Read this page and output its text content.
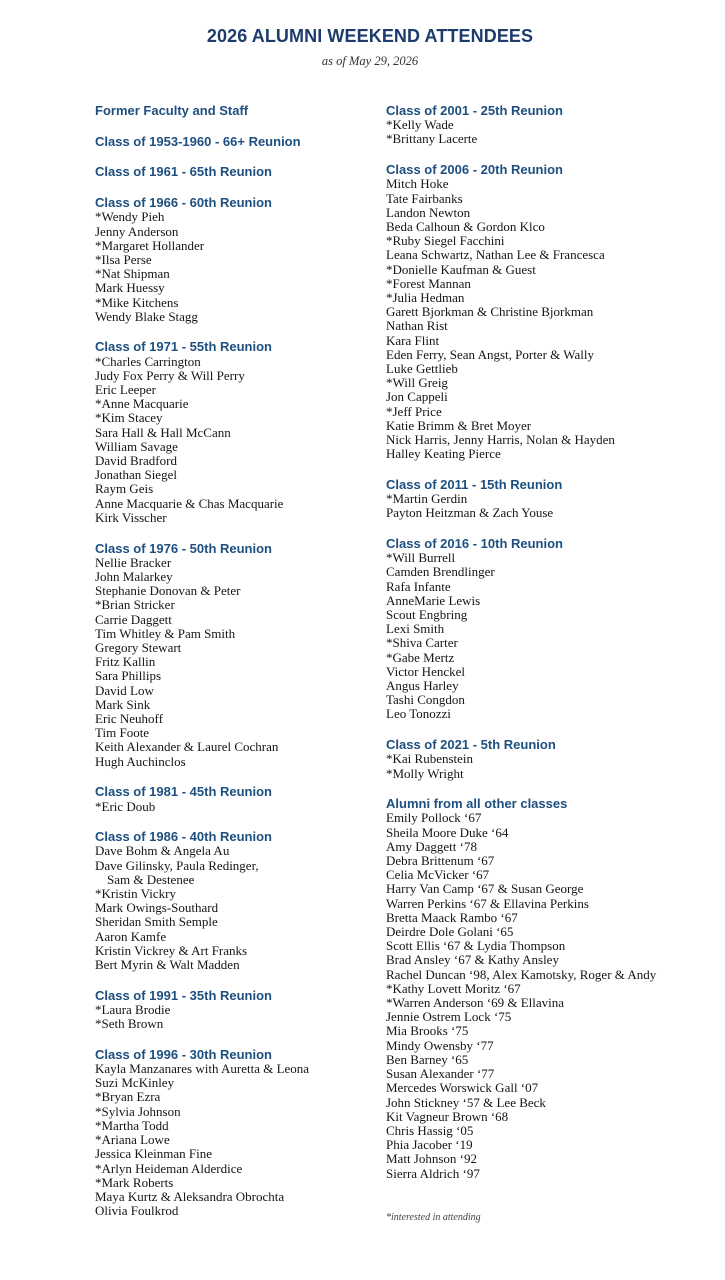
2026 ALUMNI WEEKEND ATTENDEES
as of May 29, 2026
Former Faculty and Staff
Class of 1953-1960 - 66+ Reunion
Class of 1961 - 65th Reunion
Class of 1966 - 60th Reunion
*Wendy Pieh
Jenny Anderson
*Margaret Hollander
*Ilsa Perse
*Nat Shipman
Mark Huessy
*Mike Kitchens
Wendy Blake Stagg
Class of 1971 - 55th Reunion
*Charles Carrington
Judy Fox Perry & Will Perry
Eric Leeper
*Anne Macquarie
*Kim Stacey
Sara Hall & Hall McCann
William Savage
David Bradford
Jonathan Siegel
Raym Geis
Anne Macquarie & Chas Macquarie
Kirk Visscher
Class of 1976 - 50th Reunion
Nellie Bracker
John Malarkey
Stephanie Donovan & Peter
*Brian Stricker
Carrie Daggett
Tim Whitley & Pam Smith
Gregory Stewart
Fritz Kallin
Sara Phillips
David Low
Mark Sink
Eric Neuhoff
Tim Foote
Keith Alexander & Laurel Cochran
Hugh Auchinclos
Class of 1981 - 45th Reunion
*Eric Doub
Class of 1986 - 40th Reunion
Dave Bohm & Angela Au
Dave Gilinsky, Paula Redinger,
Sam & Destenee
*Kristin Vickry
Mark Owings-Southard
Sheridan Smith Semple
Aaron Kamfe
Kristin Vickrey & Art Franks
Bert Myrin & Walt Madden
Class of 1991 - 35th Reunion
*Laura Brodie
*Seth Brown
Class of 1996 - 30th Reunion
Kayla Manzanares with Auretta & Leona
Suzi McKinley
*Bryan Ezra
*Sylvia Johnson
*Martha Todd
*Ariana Lowe
Jessica Kleinman Fine
*Arlyn Heideman Alderdice
*Mark Roberts
Maya Kurtz & Aleksandra Obrochta
Olivia Foulkrod
Class of 2001 - 25th Reunion
*Kelly Wade
*Brittany Lacerte
Class of 2006 - 20th Reunion
Mitch Hoke
Tate Fairbanks
Landon Newton
Beda Calhoun & Gordon Klco
*Ruby Siegel Facchini
Leana Schwartz, Nathan Lee & Francesca
*Donielle Kaufman & Guest
*Forest Mannan
*Julia Hedman
Garett Bjorkman & Christine Bjorkman
Nathan Rist
Kara Flint
Eden Ferry, Sean Angst, Porter & Wally
Luke Gettlieb
*Will Greig
Jon Cappeli
*Jeff Price
Katie Brimm & Bret Moyer
Nick Harris, Jenny Harris, Nolan & Hayden
Halley Keating Pierce
Class of 2011 - 15th Reunion
*Martin Gerdin
Payton Heitzman & Zach Youse
Class of 2016 - 10th Reunion
*Will Burrell
Camden Brendlinger
Rafa Infante
AnneMarie Lewis
Scout Engbring
Lexi Smith
*Shiva Carter
*Gabe Mertz
Victor Henckel
Angus Harley
Tashi Congdon
Leo Tonozzi
Class of 2021 - 5th Reunion
*Kai Rubenstein
*Molly Wright
Alumni from all other classes
Emily Pollock ‘67
Sheila Moore Duke ‘64
Amy Daggett ‘78
Debra Brittenum ‘67
Celia McVicker ‘67
Harry Van Camp ‘67 & Susan George
Warren Perkins ‘67 & Ellavina Perkins
Bretta Maack Rambo ‘67
Deirdre Dole Golani ‘65
Scott Ellis ‘67 & Lydia Thompson
Brad Ansley ‘67 & Kathy Ansley
Rachel Duncan ‘98, Alex Kamotsky, Roger & Andy
*Kathy Lovett Moritz ‘67
*Warren Anderson ‘69 & Ellavina
Jennie Ostrem Lock ‘75
Mia Brooks ‘75
Mindy Owensby ‘77
Ben Barney ‘65
Susan Alexander ‘77
Mercedes Worswick Gall ‘07
John Stickney ‘57 & Lee Beck
Kit Vagneur Brown ‘68
Chris Hassig ‘05
Phia Jacober ‘19
Matt Johnson ‘92
Sierra Aldrich ‘97
*interested in attending
